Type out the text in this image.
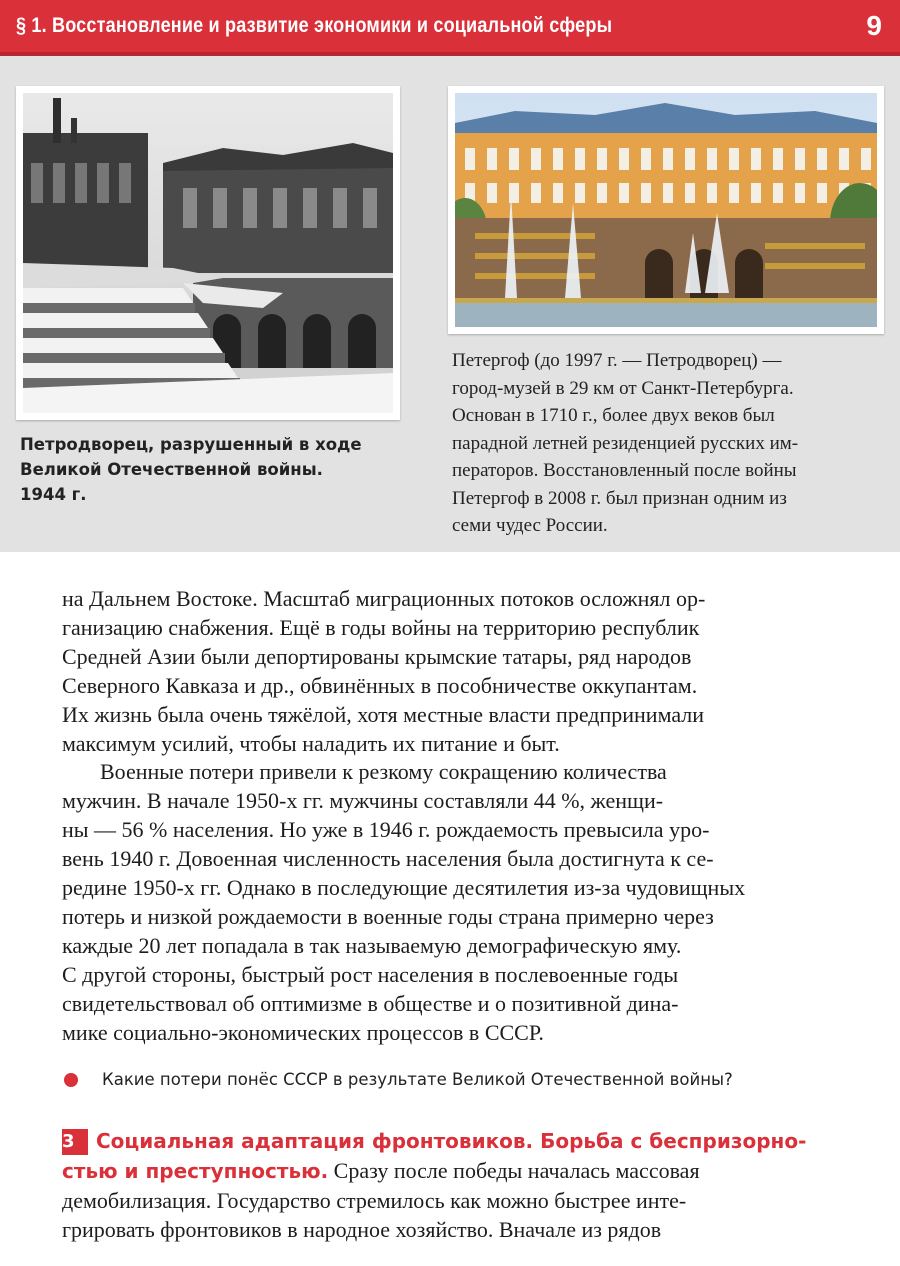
§ 1. Восстановление и развитие экономики и социальной сферы	9
Петродворец, разрушенный в ходе
Великой Отечественной войны.
1944 г.
Петергоф (до 1997 г. — Петродворец) —
город-музей в 29 км от Санкт-Петербурга.
Основан в 1710 г., более двух веков был
парадной летней резиденцией русских им-
ператоров. Восстановленный после войны
Петергоф в 2008 г. был признан одним из
семи чудес России.

на Дальнем Востоке. Масштаб миграционных потоков осложнял ор-
ганизацию снабжения. Ещё в годы войны на территорию республик
Средней Азии были депортированы крымские татары, ряд народов
Северного Кавказа и др., обвинённых в пособничестве оккупантам.
Их жизнь была очень тяжёлой, хотя местные власти предпринимали
максимум усилий, чтобы наладить их питание и быт.

Военные потери привели к резкому сокращению количества
мужчин. В начале 1950-х гг. мужчины составляли 44 %, женщи-
ны — 56 % населения. Но уже в 1946 г. рождаемость превысила уро-
вень 1940 г. Довоенная численность населения была достигнута к се-
редине 1950-х гг. Однако в последующие десятилетия из-за чудовищных
потерь и низкой рождаемости в военные годы страна примерно через
каждые 20 лет попадала в так называемую демографическую яму.
С другой стороны, быстрый рост населения в послевоенные годы
свидетельствовал об оптимизме в обществе и о позитивной дина-
мике социально-экономических процессов в СССР.

Какие потери понёс СССР в результате Великой Отечественной войны?
3 Социальная адаптация фронтовиков. Борьба с беспризорно-
стью и преступностью. Сразу после победы началась массовая
демобилизация. Государство стремилось как можно быстрее инте-
грировать фронтовиков в народное хозяйство. Вначале из рядов
